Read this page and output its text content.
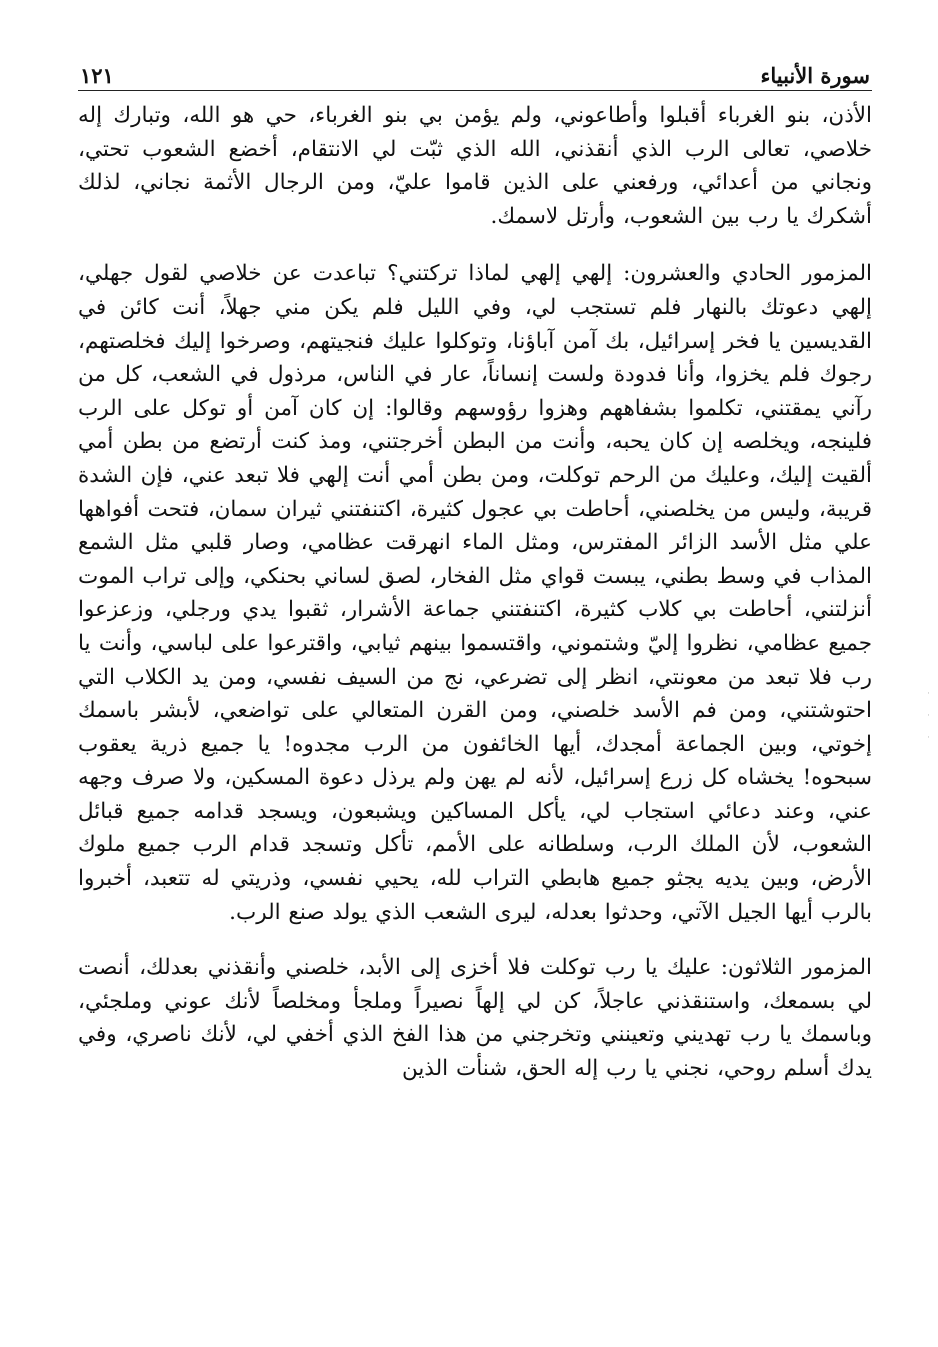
سورة الأنبياء
١٢١

الأذن، بنو الغرباء أقبلوا وأطاعوني، ولم يؤمن بي بنو الغرباء، حي هو الله، وتبارك إله خلاصي، تعالى الرب الذي أنقذني، الله الذي ثبّت لي الانتقام، أخضع الشعوب تحتي، ونجاني من أعدائي، ورفعني على الذين قاموا عليّ، ومن الرجال الأثمة نجاني، لذلك أشكرك يا رب بين الشعوب، وأرتل لاسمك.

المزمور الحادي والعشرون: إلهي إلهي لماذا تركتني؟ تباعدت عن خلاصي لقول جهلي، إلهي دعوتك بالنهار فلم تستجب لي، وفي الليل فلم يكن مني جهلاً، أنت كائن في القديسين يا فخر إسرائيل، بك آمن آباؤنا، وتوكلوا عليك فنجيتهم، وصرخوا إليك فخلصتهم، رجوك فلم يخزوا، وأنا فدودة ولست إنساناً، عار في الناس، مرذول في الشعب، كل من رآني يمقتني، تكلموا بشفاههم وهزوا رؤوسهم وقالوا: إن كان آمن أو توكل على الرب فلينجه، ويخلصه إن كان يحبه، وأنت من البطن أخرجتني، ومذ كنت أرتضع من بطن أمي ألقيت إليك، وعليك من الرحم توكلت، ومن بطن أمي أنت إلهي فلا تبعد عني، فإن الشدة قريبة، وليس من يخلصني، أحاطت بي عجول كثيرة، اكتنفتني ثيران سمان، فتحت أفواهها علي مثل الأسد الزائر المفترس، ومثل الماء انهرقت عظامي، وصار قلبي مثل الشمع المذاب في وسط بطني، يبست قواي مثل الفخار، لصق لساني بحنكي، وإلى تراب الموت أنزلتني، أحاطت بي كلاب كثيرة، اكتنفتني جماعة الأشرار، ثقبوا يدي ورجلي، وزعزعوا جميع عظامي، نظروا إليّ وشتموني، واقتسموا بينهم ثيابي، واقترعوا على لباسي، وأنت يا رب فلا تبعد من معونتي، انظر إلى تضرعي، نج من السيف نفسي، ومن يد الكلاب التي احتوشتني، ومن فم الأسد خلصني، ومن القرن المتعالي على تواضعي، لأبشر باسمك إخوتي، وبين الجماعة أمجدك، أيها الخائفون من الرب مجدوه! يا جميع ذرية يعقوب سبحوه! يخشاه كل زرع إسرائيل، لأنه لم يهن ولم يرذل دعوة المسكين، ولا صرف وجهه عني، وعند دعائي استجاب لي، يأكل المساكين ويشبعون، ويسجد قدامه جميع قبائل الشعوب، لأن الملك الرب، وسلطانه على الأمم، تأكل وتسجد قدام الرب جميع ملوك الأرض، وبين يديه يجثو جميع هابطي التراب لله، يحيي نفسي، وذريتي له تتعبد، أخبروا بالرب أيها الجيل الآتي، وحدثوا بعدله، ليرى الشعب الذي يولد صنع الرب.

المزمور الثلاثون: عليك يا رب توكلت فلا أخزى إلى الأبد، خلصني وأنقذني بعدلك، أنصت لي بسمعك، واستنقذني عاجلاً، كن لي إلهاً نصيراً وملجأ ومخلصاً لأنك عوني وملجئي، وباسمك يا رب تهديني وتعينني وتخرجني من هذا الفخ الذي أخفي لي، لأنك ناصري، وفي يدك أسلم روحي، نجني يا رب إله الحق، شنأت الذين

·
·
·
